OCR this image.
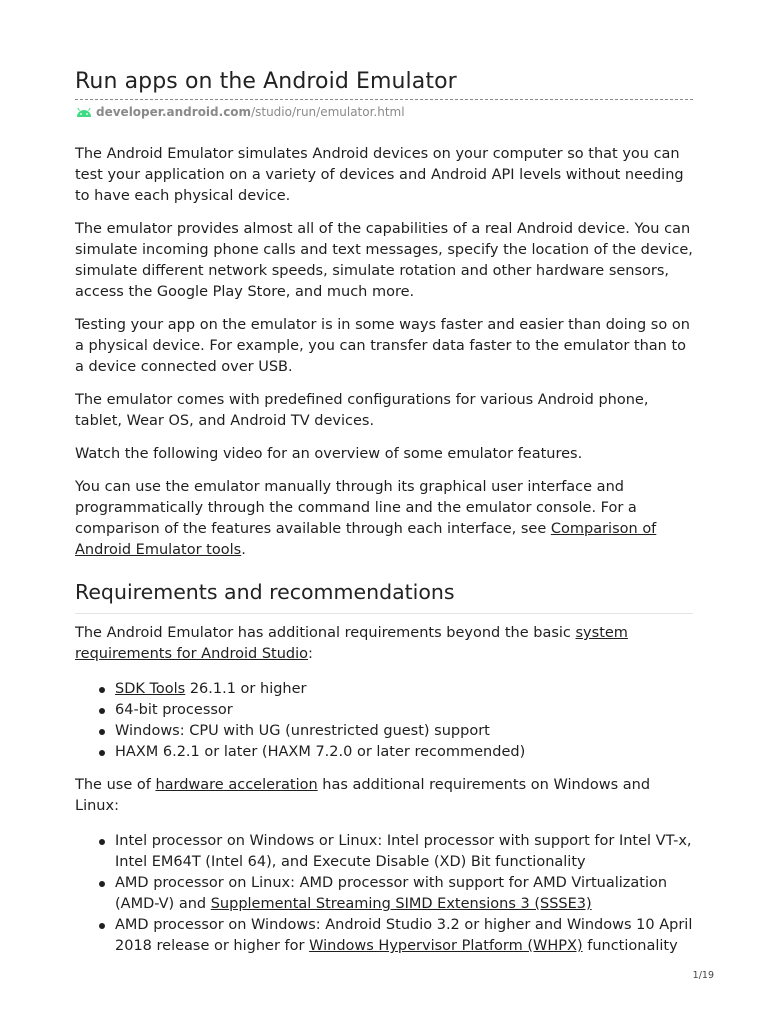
Run apps on the Android Emulator
developer.android.com /studio/run/emulator.html

The Android Emulator simulates Android devices on your computer so that you can test your application on a variety of devices and Android API levels without needing to have each physical device.

The emulator provides almost all of the capabilities of a real Android device. You can simulate incoming phone calls and text messages, specify the location of the device, simulate different network speeds, simulate rotation and other hardware sensors, access the Google Play Store, and much more.

Testing your app on the emulator is in some ways faster and easier than doing so on a physical device. For example, you can transfer data faster to the emulator than to a device connected over USB.

The emulator comes with predefined configurations for various Android phone, tablet, Wear OS, and Android TV devices.

Watch the following video for an overview of some emulator features.

You can use the emulator manually through its graphical user interface and programmatically through the command line and the emulator console. For a comparison of the features available through each interface, see Comparison of Android Emulator tools.

Requirements and recommendations

The Android Emulator has additional requirements beyond the basic system requirements for Android Studio:

SDK Tools 26.1.1 or higher
64-bit processor
Windows: CPU with UG (unrestricted guest) support
HAXM 6.2.1 or later (HAXM 7.2.0 or later recommended)

The use of hardware acceleration has additional requirements on Windows and Linux:

Intel processor on Windows or Linux: Intel processor with support for Intel VT-x, Intel EM64T (Intel 64), and Execute Disable (XD) Bit functionality
AMD processor on Linux: AMD processor with support for AMD Virtualization (AMD-V) and Supplemental Streaming SIMD Extensions 3 (SSSE3)
AMD processor on Windows: Android Studio 3.2 or higher and Windows 10 April 2018 release or higher for Windows Hypervisor Platform (WHPX) functionality
1/19
